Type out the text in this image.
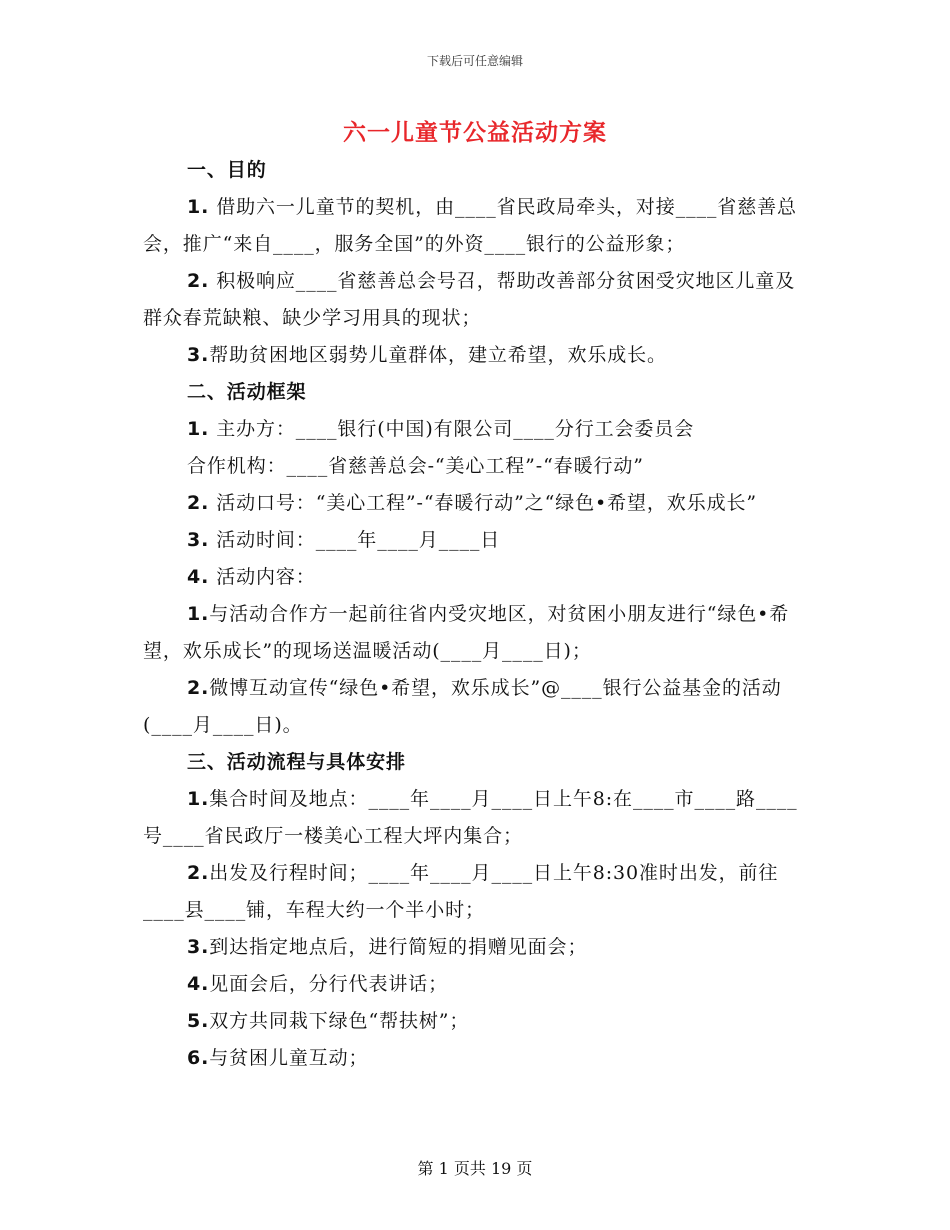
下载后可任意编辑
六一儿童节公益活动方案

一、目的

1. 借助六一儿童节的契机，由____省民政局牵头，对接____省慈善总会，推广“来自____，服务全国”的外资____银行的公益形象；

2. 积极响应____省慈善总会号召，帮助改善部分贫困受灾地区儿童及群众春荒缺粮、缺少学习用具的现状；

3.帮助贫困地区弱势儿童群体，建立希望，欢乐成长。

二、活动框架

1. 主办方：____银行(中国)有限公司____分行工会委员会

合作机构：____省慈善总会-“美心工程”-“春暖行动”

2. 活动口号：“美心工程”-“春暖行动”之“绿色•希望，欢乐成长”

3. 活动时间：____年____月____日

4. 活动内容：

1.与活动合作方一起前往省内受灾地区，对贫困小朋友进行“绿色•希望，欢乐成长”的现场送温暖活动(____月____日)；

2.微博互动宣传“绿色•希望，欢乐成长”@____银行公益基金的活动(____月____日)。

三、活动流程与具体安排

1.集合时间及地点：____年____月____日上午8:在____市____路____号____省民政厅一楼美心工程大坪内集合；

2.出发及行程时间；____年____月____日上午8:30准时出发，前往____县____铺，车程大约一个半小时；

3.到达指定地点后，进行简短的捐赠见面会；

4.见面会后，分行代表讲话；

5.双方共同栽下绿色“帮扶树”；

6.与贫困儿童互动；

第 1 页共 19 页
